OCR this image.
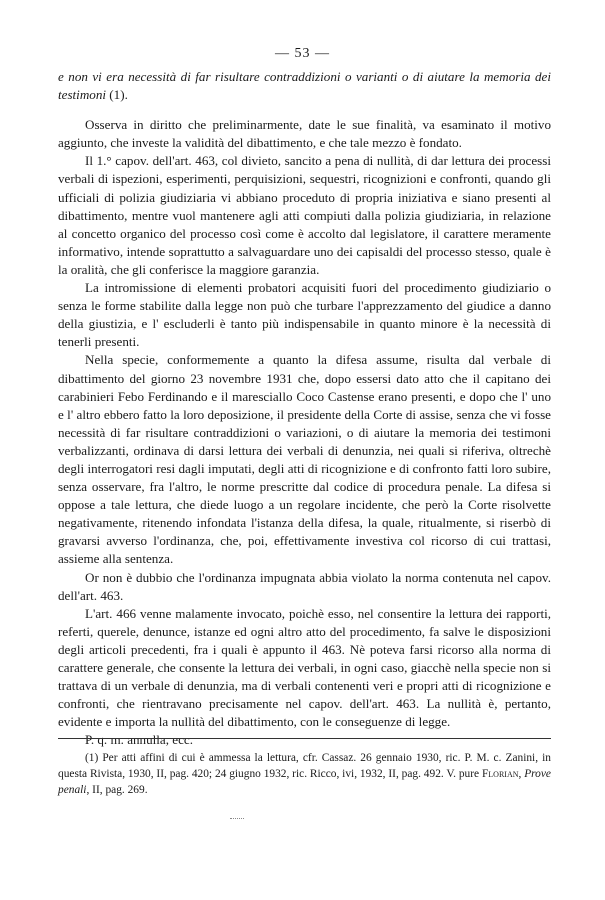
— 53 —

e non vi era necessità di far risultare contraddizioni o varianti o di aiutare la memoria dei testimoni (1).

Osserva in diritto che preliminarmente, date le sue finalità, va esaminato il motivo aggiunto, che investe la validità del dibattimento, e che tale mezzo è fondato.

Il 1.° capov. dell'art. 463, col divieto, sancito a pena di nullità, di dar lettura dei processi verbali di ispezioni, esperimenti, perquisizioni, sequestri, ricognizioni e confronti, quando gli ufficiali di polizia giudiziaria vi abbiano proceduto di propria iniziativa e siano presenti al dibattimento, mentre vuol mantenere agli atti compiuti dalla polizia giudiziaria, in relazione al concetto organico del processo così come è accolto dal legislatore, il carattere meramente informativo, intende soprattutto a salvaguardare uno dei capisaldi del processo stesso, quale è la oralità, che gli conferisce la maggiore garanzia.

La intromissione di elementi probatori acquisiti fuori del procedimento giudiziario o senza le forme stabilite dalla legge non può che turbare l'apprezzamento del giudice a danno della giustizia, e l' escluderli è tanto più indispensabile in quanto minore è la necessità di tenerli presenti.

Nella specie, conformemente a quanto la difesa assume, risulta dal verbale di dibattimento del giorno 23 novembre 1931 che, dopo essersi dato atto che il capitano dei carabinieri Febo Ferdinando e il maresciallo Coco Castense erano presenti, e dopo che l' uno e l' altro ebbero fatto la loro deposizione, il presidente della Corte di assise, senza che vi fosse necessità di far risultare contraddizioni o variazioni, o di aiutare la memoria dei testimoni verbalizzanti, ordinava di darsi lettura dei verbali di denunzia, nei quali si riferiva, oltrechè degli interrogatori resi dagli imputati, degli atti di ricognizione e di confronto fatti loro subire, senza osservare, fra l'altro, le norme prescritte dal codice di procedura penale. La difesa si oppose a tale lettura, che diede luogo a un regolare incidente, che però la Corte risolvette negativamente, ritenendo infondata l'istanza della difesa, la quale, ritualmente, si riserbò di gravarsi avverso l'ordinanza, che, poi, effettivamente investiva col ricorso di cui trattasi, assieme alla sentenza.

Or non è dubbio che l'ordinanza impugnata abbia violato la norma contenuta nel capov. dell'art. 463.

L'art. 466 venne malamente invocato, poichè esso, nel consentire la lettura dei rapporti, referti, querele, denunce, istanze ed ogni altro atto del procedimento, fa salve le disposizioni degli articoli precedenti, fra i quali è appunto il 463. Nè poteva farsi ricorso alla norma di carattere generale, che consente la lettura dei verbali, in ogni caso, giacchè nella specie non si trattava di un verbale di denunzia, ma di verbali contenenti veri e propri atti di ricognizione e confronti, che rientravano precisamente nel capov. dell'art. 463. La nullità è, pertanto, evidente e importa la nullità del dibattimento, con le conseguenze di legge.

P. q. m. annulla, ecc.

(1) Per atti affini di cui è ammessa la lettura, cfr. Cassaz. 26 gennaio 1930, ric. P. M. c. Zanini, in questa Rivista, 1930, II, pag. 420; 24 giugno 1932, ric. Ricco, ivi, 1932, II, pag. 492. V. pure Florian, Prove penali, II, pag. 269.
